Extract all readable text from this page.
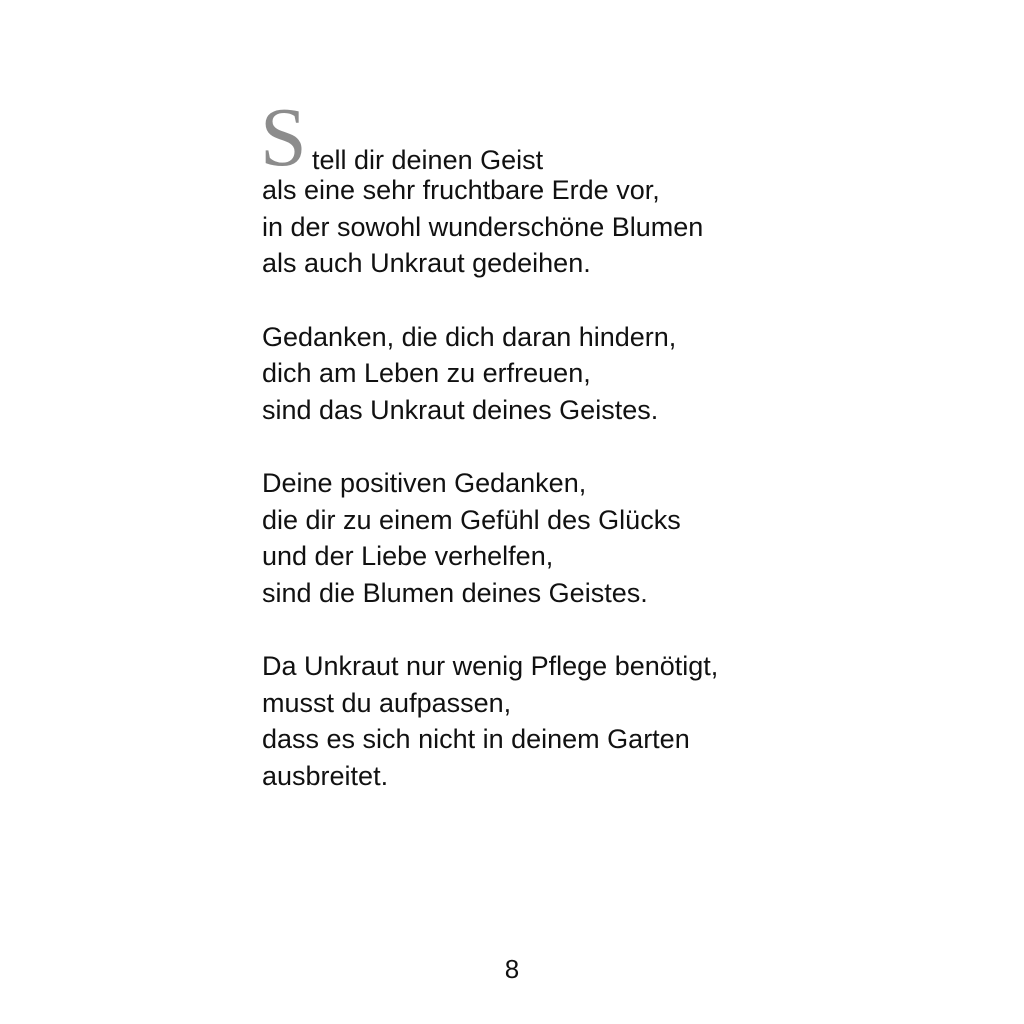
S tell dir deinen Geist
als eine sehr fruchtbare Erde vor,
in der sowohl wunderschöne Blumen
als auch Unkraut gedeihen.
Gedanken, die dich daran hindern,
dich am Leben zu erfreuen,
sind das Unkraut deines Geistes.
Deine positiven Gedanken,
die dir zu einem Gefühl des Glücks
und der Liebe verhelfen,
sind die Blumen deines Geistes.
Da Unkraut nur wenig Pflege benötigt,
musst du aufpassen,
dass es sich nicht in deinem Garten
ausbreitet.
8
